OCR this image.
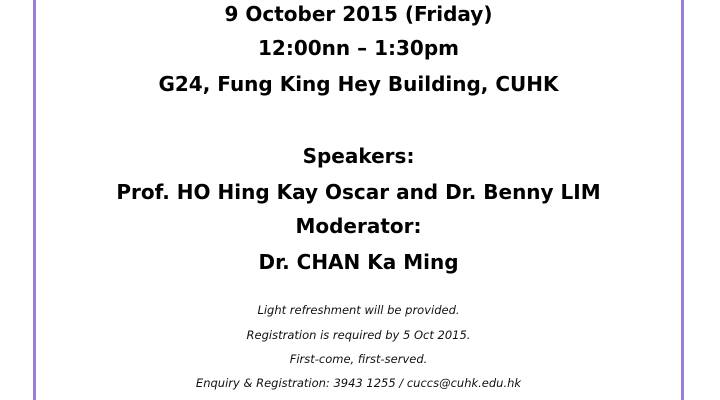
9 October 2015 (Friday)
12:00nn – 1:30pm
G24, Fung King Hey Building, CUHK
Speakers:
Prof. HO Hing Kay Oscar and Dr. Benny LIM
Moderator:
Dr. CHAN Ka Ming
Light refreshment will be provided.
Registration is required by 5 Oct 2015.
First-come, first-served.
Enquiry & Registration: 3943 1255 / cuccs@cuhk.edu.hk
